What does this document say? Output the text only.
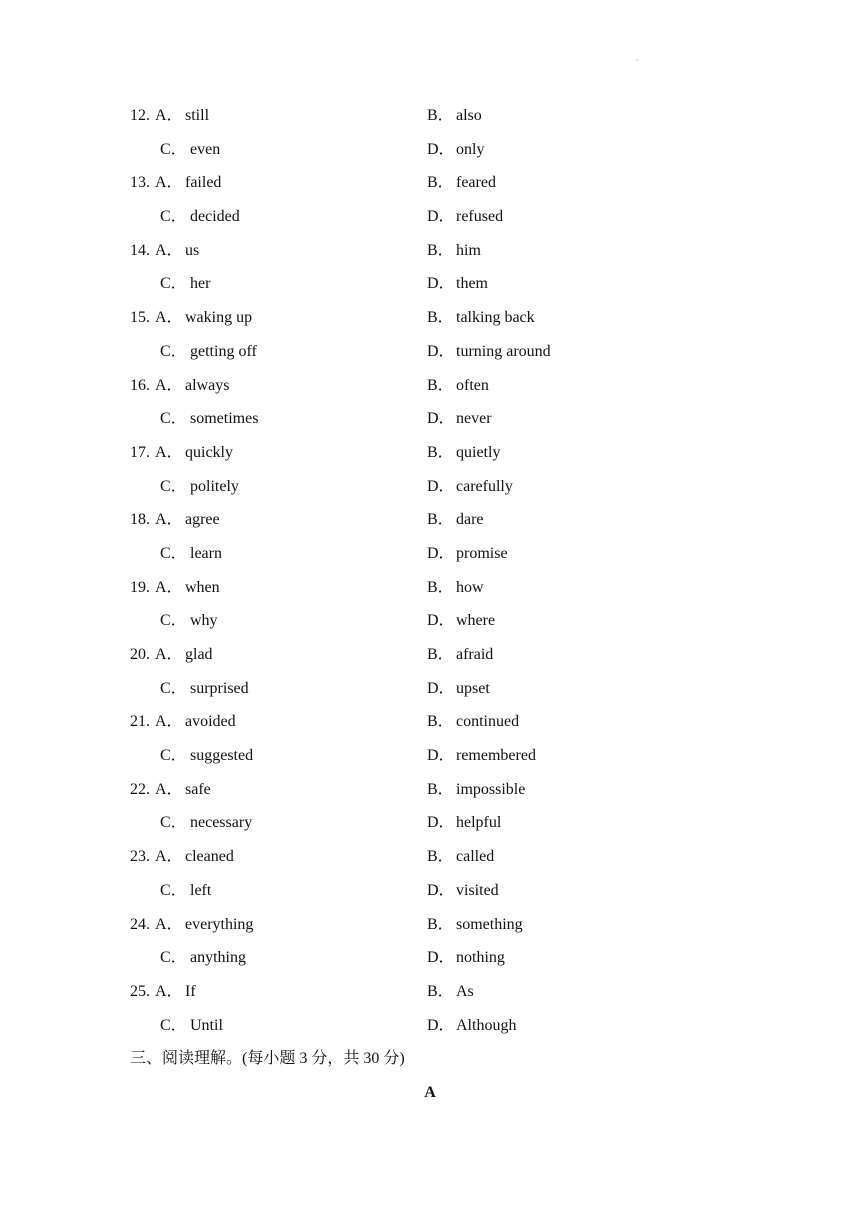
·
12. A． still	B． also
C． even	D． only
13. A． failed	B． feared
C． decided	D． refused
14. A． us	B． him
C． her	D． them
15. A． waking up	B． talking back
C． getting off	D． turning around
16. A． always	B． often
C． sometimes	D． never
17. A． quickly	B． quietly
C． politely	D． carefully
18. A． agree	B． dare
C． learn	D． promise
19. A． when	B． how
C． why	D． where
20. A． glad	B． afraid
C． surprised	D． upset
21. A． avoided	B． continued
C． suggested	D． remembered
22. A． safe	B． impossible
C． necessary	D． helpful
23. A． cleaned	B． called
C． left	D． visited
24. A． everything	B． something
C． anything	D． nothing
25. A． If	B． As
C． Until	D． Although
三、阅读理解。(每小题 3 分，共 30 分)
A
